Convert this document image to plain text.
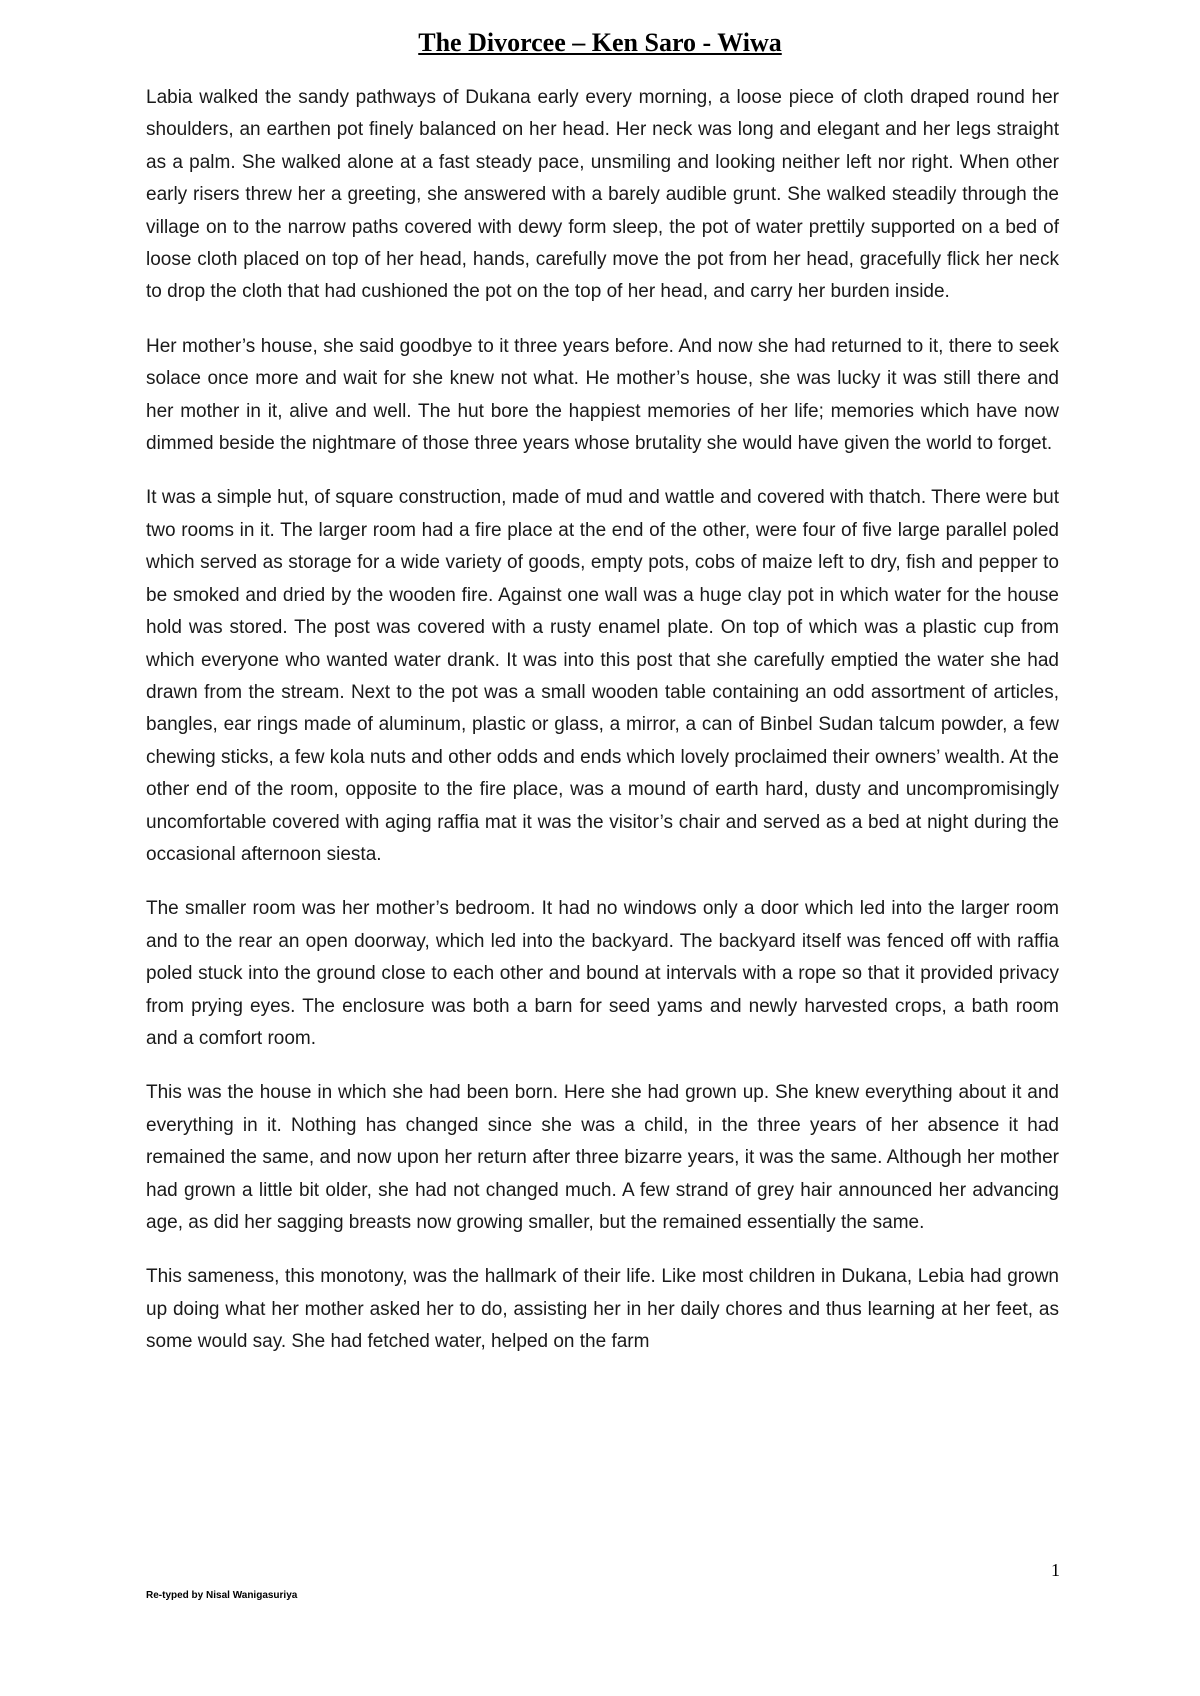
The Divorcee – Ken Saro - Wiwa

Labia walked the sandy pathways of Dukana early every morning, a loose piece of cloth draped round her shoulders, an earthen pot finely balanced on her head. Her neck was long and elegant and her legs straight as a palm. She walked alone at a fast steady pace, unsmiling and looking neither left nor right. When other early risers threw her a greeting, she answered with a barely audible grunt. She walked steadily through the village on to the narrow paths covered with dewy form sleep, the pot of water prettily supported on a bed of loose cloth placed on top of her head, hands, carefully move the pot from her head, gracefully flick her neck to drop the cloth that had cushioned the pot on the top of her head, and carry her burden inside.

Her mother’s house, she said goodbye to it three years before. And now she had returned to it, there to seek solace once more and wait for she knew not what. He mother’s house, she was lucky it was still there and her mother in it, alive and well. The hut bore the happiest memories of her life; memories which have now dimmed beside the nightmare of those three years whose brutality she would have given the world to forget.

It was a simple hut, of square construction, made of mud and wattle and covered with thatch. There were but two rooms in it. The larger room had a fire place at the end of the other, were four of five large parallel poled which served as storage for a wide variety of goods, empty pots, cobs of maize left to dry, fish and pepper to be smoked and dried by the wooden fire. Against one wall was a huge clay pot in which water for the house hold was stored. The post was covered with a rusty enamel plate. On top of which was a plastic cup from which everyone who wanted water drank. It was into this post that she carefully emptied the water she had drawn from the stream. Next to the pot was a small wooden table containing an odd assortment of articles, bangles, ear rings made of aluminum, plastic or glass, a mirror, a can of Binbel Sudan talcum powder, a few chewing sticks, a few kola nuts and other odds and ends which lovely proclaimed their owners’ wealth. At the other end of the room, opposite to the fire place, was a mound of earth hard, dusty and uncompromisingly uncomfortable covered with aging raffia mat it was the visitor’s chair and served as a bed at night during the occasional afternoon siesta.

The smaller room was her mother’s bedroom. It had no windows only a door which led into the larger room and to the rear an open doorway, which led into the backyard. The backyard itself was fenced off with raffia poled stuck into the ground close to each other and bound at intervals with a rope so that it provided privacy from prying eyes. The enclosure was both a barn for seed yams and newly harvested crops, a bath room and a comfort room.

This was the house in which she had been born. Here she had grown up. She knew everything about it and everything in it. Nothing has changed since she was a child, in the three years of her absence it had remained the same, and now upon her return after three bizarre years, it was the same. Although her mother had grown a little bit older, she had not changed much. A few strand of grey hair announced her advancing age, as did her sagging breasts now growing smaller, but the remained essentially the same.

This sameness, this monotony, was the hallmark of their life. Like most children in Dukana, Lebia had grown up doing what her mother asked her to do, assisting her in her daily chores and thus learning at her feet, as some would say. She had fetched water, helped on the farm

1
Re-typed by Nisal Wanigasuriya
